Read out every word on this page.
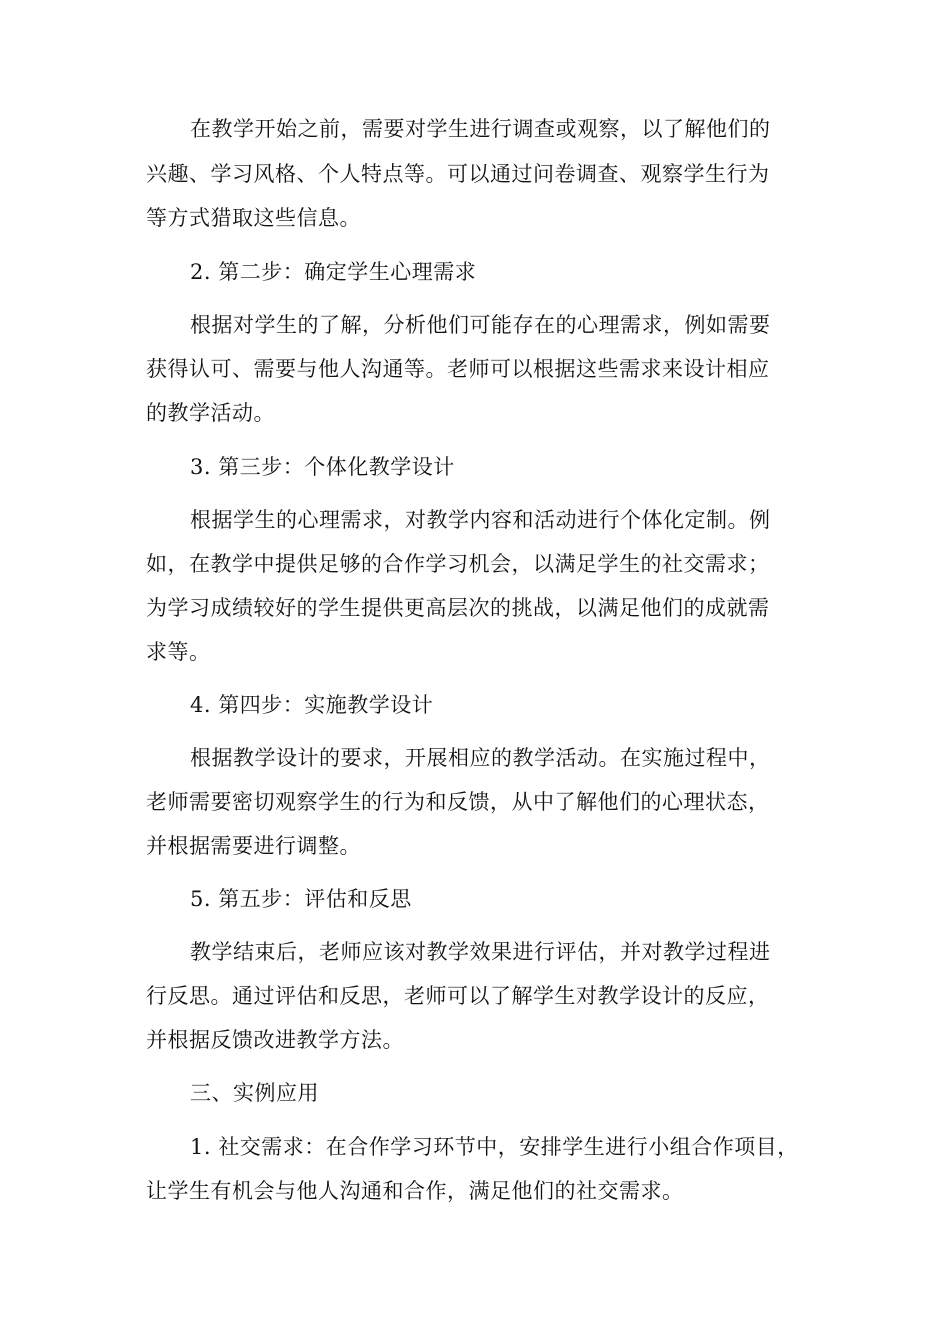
在教学开始之前，需要对学生进行调查或观察，以了解他们的
兴趣、学习风格、个人特点等。可以通过问卷调查、观察学生行为
等方式猎取这些信息。
2. 第二步：确定学生心理需求
根据对学生的了解，分析他们可能存在的心理需求，例如需要
获得认可、需要与他人沟通等。老师可以根据这些需求来设计相应
的教学活动。
3. 第三步：个体化教学设计
根据学生的心理需求，对教学内容和活动进行个体化定制。例
如，在教学中提供足够的合作学习机会，以满足学生的社交需求；
为学习成绩较好的学生提供更高层次的挑战，以满足他们的成就需
求等。
4. 第四步：实施教学设计
根据教学设计的要求，开展相应的教学活动。在实施过程中，
老师需要密切观察学生的行为和反馈，从中了解他们的心理状态，
并根据需要进行调整。
5. 第五步：评估和反思
教学结束后，老师应该对教学效果进行评估，并对教学过程进
行反思。通过评估和反思，老师可以了解学生对教学设计的反应，
并根据反馈改进教学方法。
三、实例应用
1. 社交需求：在合作学习环节中，安排学生进行小组合作项目，
让学生有机会与他人沟通和合作，满足他们的社交需求。
